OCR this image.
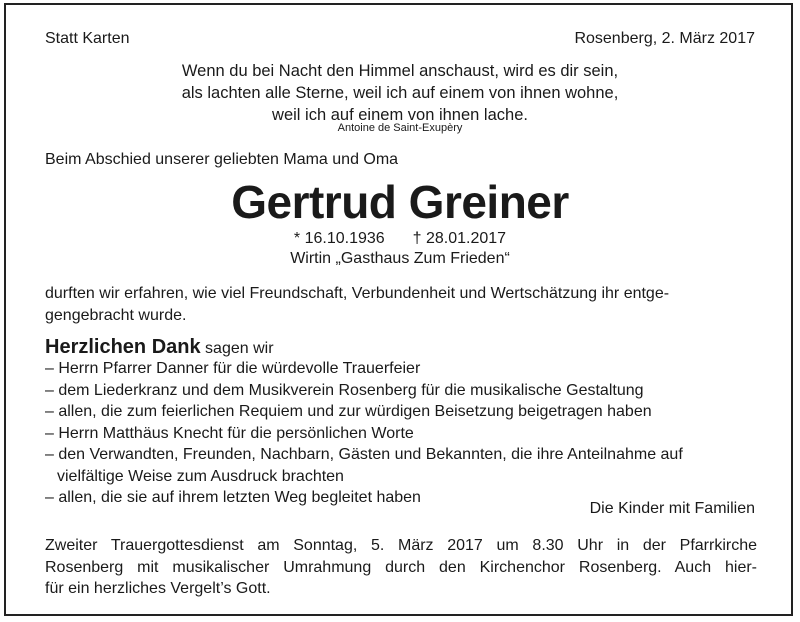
Statt Karten	Rosenberg, 2. März 2017
Wenn du bei Nacht den Himmel anschaust, wird es dir sein,
als lachten alle Sterne, weil ich auf einem von ihnen wohne,
weil ich auf einem von ihnen lache.
Antoine de Saint-Exupèry
Beim Abschied unserer geliebten Mama und Oma
Gertrud Greiner
* 16.10.1936 † 28.01.2017
Wirtin „Gasthaus Zum Frieden“
durften wir erfahren, wie viel Freundschaft, Verbundenheit und Wertschätzung ihr entge-
gengebracht wurde.
Herzlichen Dank sagen wir
– Herrn Pfarrer Danner für die würdevolle Trauerfeier
– dem Liederkranz und dem Musikverein Rosenberg für die musikalische Gestaltung
– allen, die zum feierlichen Requiem und zur würdigen Beisetzung beigetragen haben
– Herrn Matthäus Knecht für die persönlichen Worte
– den Verwandten, Freunden, Nachbarn, Gästen und Bekannten, die ihre Anteilnahme auf
vielfältige Weise zum Ausdruck brachten
– allen, die sie auf ihrem letzten Weg begleitet haben
Die Kinder mit Familien
Zweiter Trauergottesdienst am Sonntag, 5. März 2017 um 8.30 Uhr in der Pfarrkirche
Rosenberg mit musikalischer Umrahmung durch den Kirchenchor Rosenberg. Auch hier-
für ein herzliches Vergelt’s Gott.
